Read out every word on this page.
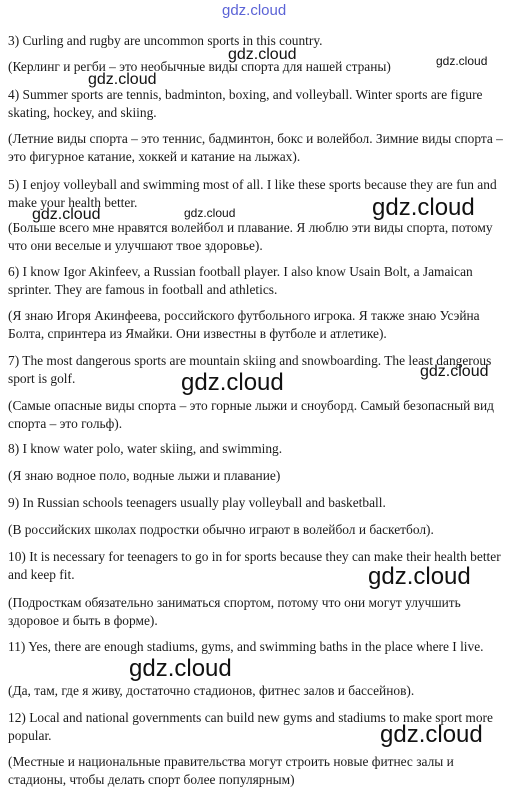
3) Curling and rugby are uncommon sports in this country.

(Керлинг и регби – это необычные виды спорта для нашей страны)

4) Summer sports are tennis, badminton, boxing, and volleyball. Winter sports are figure skating, hockey, and skiing.

(Летние виды спорта – это теннис, бадминтон, бокс и волейбол. Зимние виды спорта – это фигурное катание, хоккей и катание на лыжах).

5) I enjoy volleyball and swimming most of all. I like these sports because they are fun and make your health better.

(Больше всего мне нравятся волейбол и плавание. Я люблю эти виды спорта, потому что они веселые и улучшают твое здоровье).

6) I know Igor Akinfeev, a Russian football player. I also know Usain Bolt, a Jamaican sprinter. They are famous in football and athletics.

(Я знаю Игоря Акинфеева, российского футбольного игрока. Я также знаю Усэйна Болта, спринтера из Ямайки. Они известны в футболе и атлетике).

7) The most dangerous sports are mountain skiing and snowboarding. The least dangerous sport is golf.

(Самые опасные виды спорта – это горные лыжи и сноуборд. Самый безопасный вид спорта – это гольф).

8) I know water polo, water skiing, and swimming.

(Я знаю водное поло, водные лыжи и плавание)

9) In Russian schools teenagers usually play volleyball and basketball.

(В российских школах подростки обычно играют в волейбол и баскетбол).

10) It is necessary for teenagers to go in for sports because they can make their health better and keep fit.

(Подросткам обязательно заниматься спортом, потому что они могут улучшить здоровое и быть в форме).

11) Yes, there are enough stadiums, gyms, and swimming baths in the place where I live.

(Да, там, где я живу, достаточно стадионов, фитнес залов и бассейнов).

12) Local and national governments can build new gyms and stadiums to make sport more popular.

(Местные и национальные правительства могут строить новые фитнес залы и стадионы, чтобы делать спорт более популярным)

gdz.cloud
gdz.cloud	gdz.cloud
gdz.cloud
gdz.cloud
gdz.cloud	gdz.cloud
gdz.cloud	gdz.cloud
gdz.cloud
gdz.cloud
gdz.cloud
